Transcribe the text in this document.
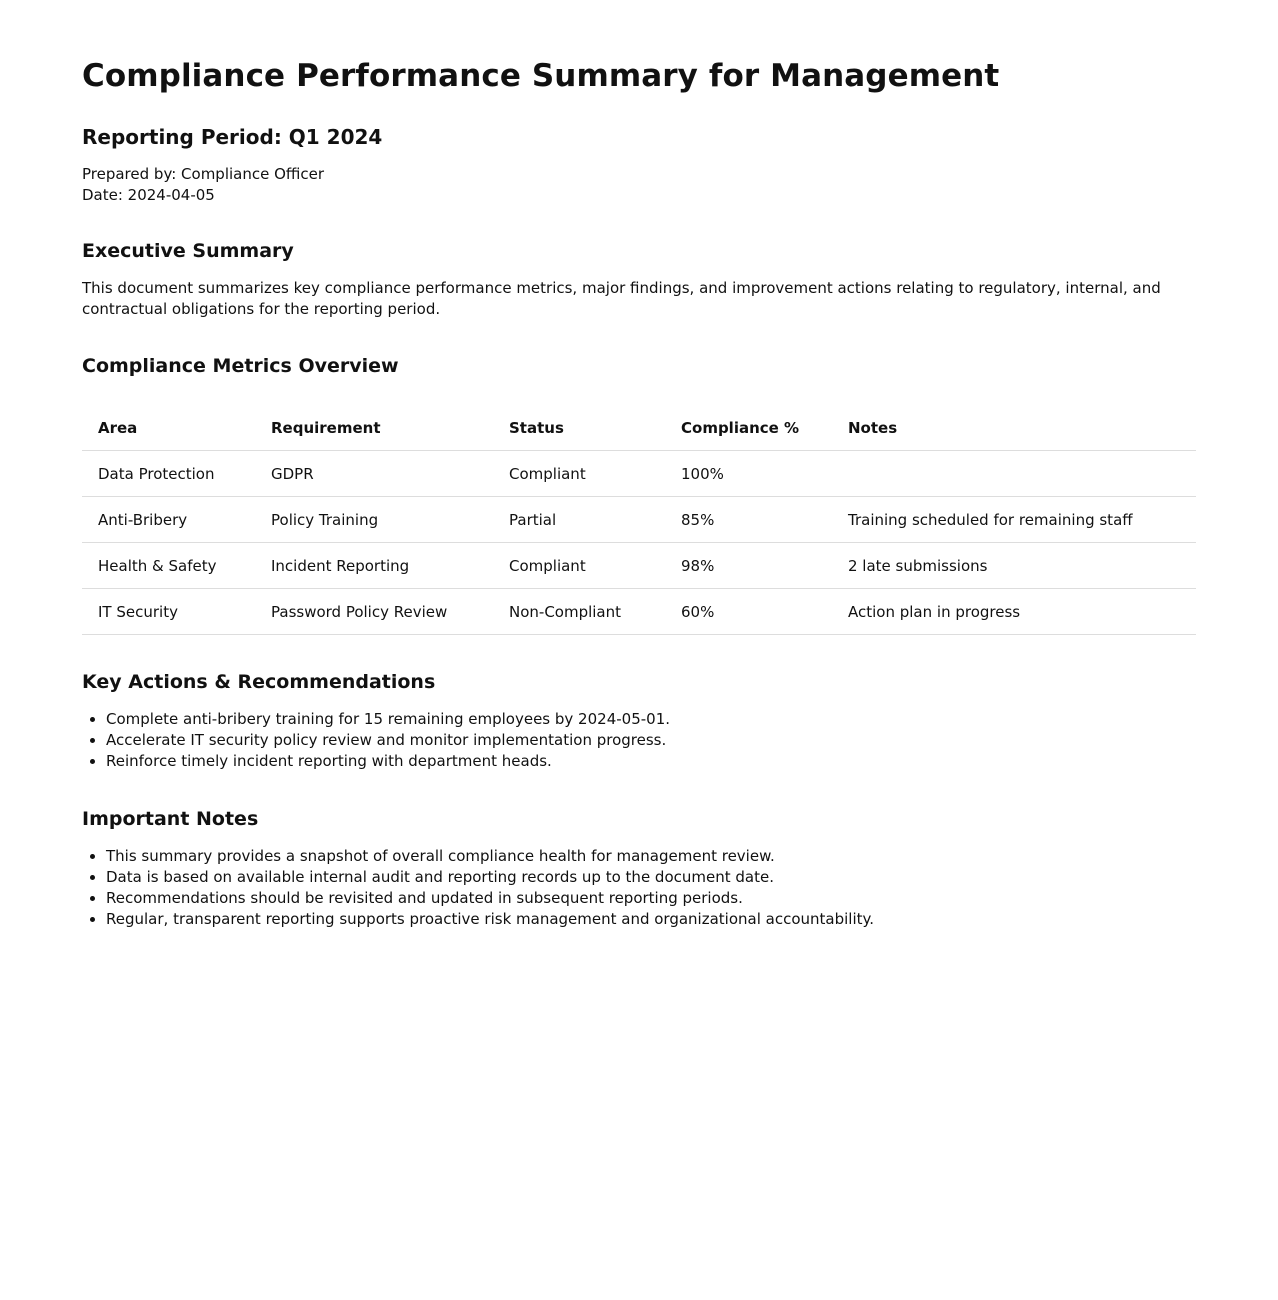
Compliance Performance Summary for Management
Reporting Period: Q1 2024
Prepared by: Compliance Officer
Date: 2024-04-05
Executive Summary

This document summarizes key compliance performance metrics, major findings, and improvement actions relating to regulatory, internal, and contractual obligations for the reporting period.

Compliance Metrics Overview
Area	Requirement	Status	Compliance %	Notes
Data Protection	GDPR	Compliant	100%	
Anti-Bribery	Policy Training	Partial	85%	Training scheduled for remaining staff
Health & Safety	Incident Reporting	Compliant	98%	2 late submissions
IT Security	Password Policy Review	Non-Compliant	60%	Action plan in progress
Key Actions & Recommendations
• Complete anti-bribery training for 15 remaining employees by 2024-05-01.
• Accelerate IT security policy review and monitor implementation progress.
• Reinforce timely incident reporting with department heads.
Important Notes
• This summary provides a snapshot of overall compliance health for management review.
• Data is based on available internal audit and reporting records up to the document date.
• Recommendations should be revisited and updated in subsequent reporting periods.
• Regular, transparent reporting supports proactive risk management and organizational accountability.
